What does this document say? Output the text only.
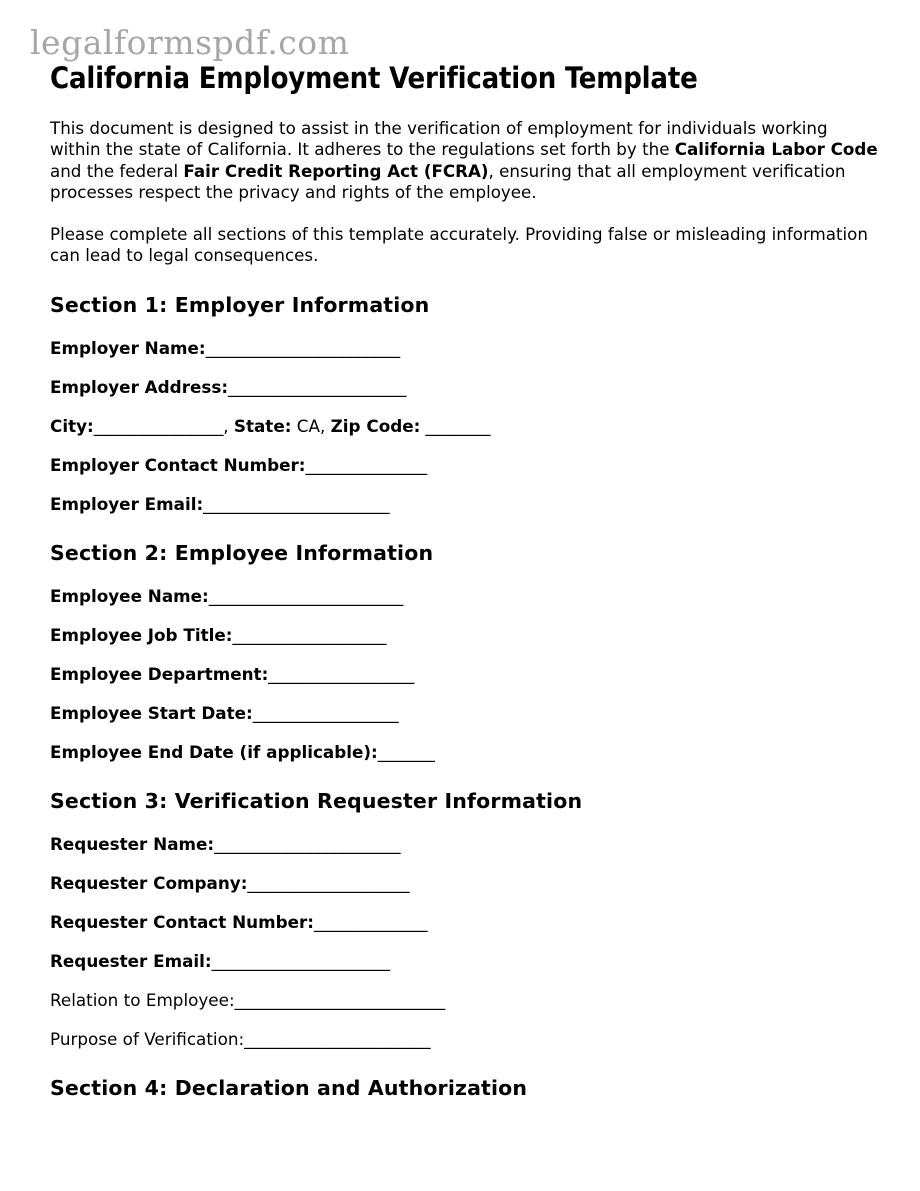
legalformspdf.com
California Employment Verification Template

This document is designed to assist in the verification of employment for individuals working within the state of California. It adheres to the regulations set forth by the California Labor Code and the federal Fair Credit Reporting Act (FCRA), ensuring that all employment verification processes respect the privacy and rights of the employee.

Please complete all sections of this template accurately. Providing false or misleading information can lead to legal consequences.

Section 1: Employer Information

Employer Name:________________________

Employer Address:______________________

City:________________, State: CA, Zip Code: ________

Employer Contact Number:_______________

Employer Email:_______________________

Section 2: Employee Information

Employee Name:________________________

Employee Job Title:___________________

Employee Department:__________________

Employee Start Date:__________________

Employee End Date (if applicable):_______

Section 3: Verification Requester Information

Requester Name:_______________________

Requester Company:____________________

Requester Contact Number:______________

Requester Email:______________________

Relation to Employee:__________________________

Purpose of Verification:_______________________

Section 4: Declaration and Authorization
